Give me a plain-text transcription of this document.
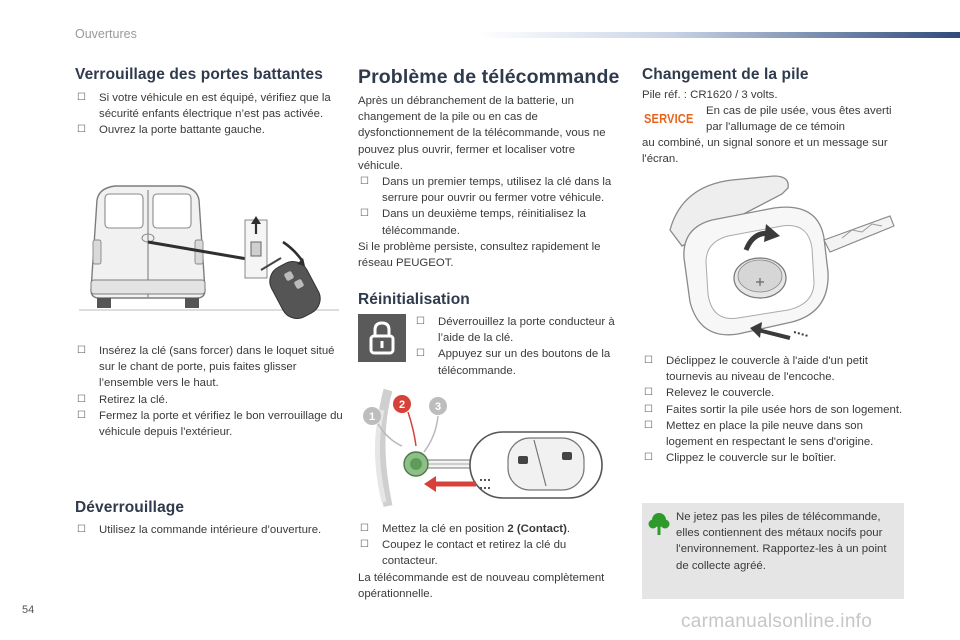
Ouvertures
Verrouillage des portes battantes
☐ Si votre véhicule en est équipé, vérifiez que la sécurité enfants électrique n’est pas activée.
☐ Ouvrez la porte battante gauche.
☐ Insérez la clé (sans forcer) dans le loquet situé sur le chant de porte, puis faites glisser l’ensemble vers le haut.
☐ Retirez la clé.
☐ Fermez la porte et vérifiez le bon verrouillage du véhicule depuis l'extérieur.
Déverrouillage
☐ Utilisez la commande intérieure d’ouverture.
Problème de télécommande
Après un débranchement de la batterie, un changement de la pile ou en cas de dysfonctionnement de la télécommande, vous ne pouvez plus ouvrir, fermer et localiser votre véhicule.
☐ Dans un premier temps, utilisez la clé dans la serrure pour ouvrir ou fermer votre véhicule.
☐ Dans un deuxième temps, réinitialisez la télécommande.
Si le problème persiste, consultez rapidement le réseau PEUGEOT.
Réinitialisation
☐ Déverrouillez la porte conducteur à l’aide de la clé.
☐ Appuyez sur un des boutons de la télécommande.
1
2	3
☐ Mettez la clé en position 2 (Contact).
☐ Coupez le contact et retirez la clé du contacteur.
La télécommande est de nouveau complètement opérationnelle.
Changement de la pile
Pile réf. : CR1620 / 3 volts.
SERVICE En cas de pile usée, vous êtes averti par l'allumage de ce témoin
au combiné, un signal sonore et un message sur l'écran.
☐ Déclippez le couvercle à l'aide d'un petit tournevis au niveau de l'encoche.
☐ Relevez le couvercle.
☐ Faites sortir la pile usée hors de son logement.
☐ Mettez en place la pile neuve dans son logement en respectant le sens d'origine.
☐ Clippez le couvercle sur le boîtier.
Ne jetez pas les piles de télécommande, elles contiennent des métaux nocifs pour l'environnement. Rapportez-les à un point de collecte agréé.
54
carmanualsonline.info
